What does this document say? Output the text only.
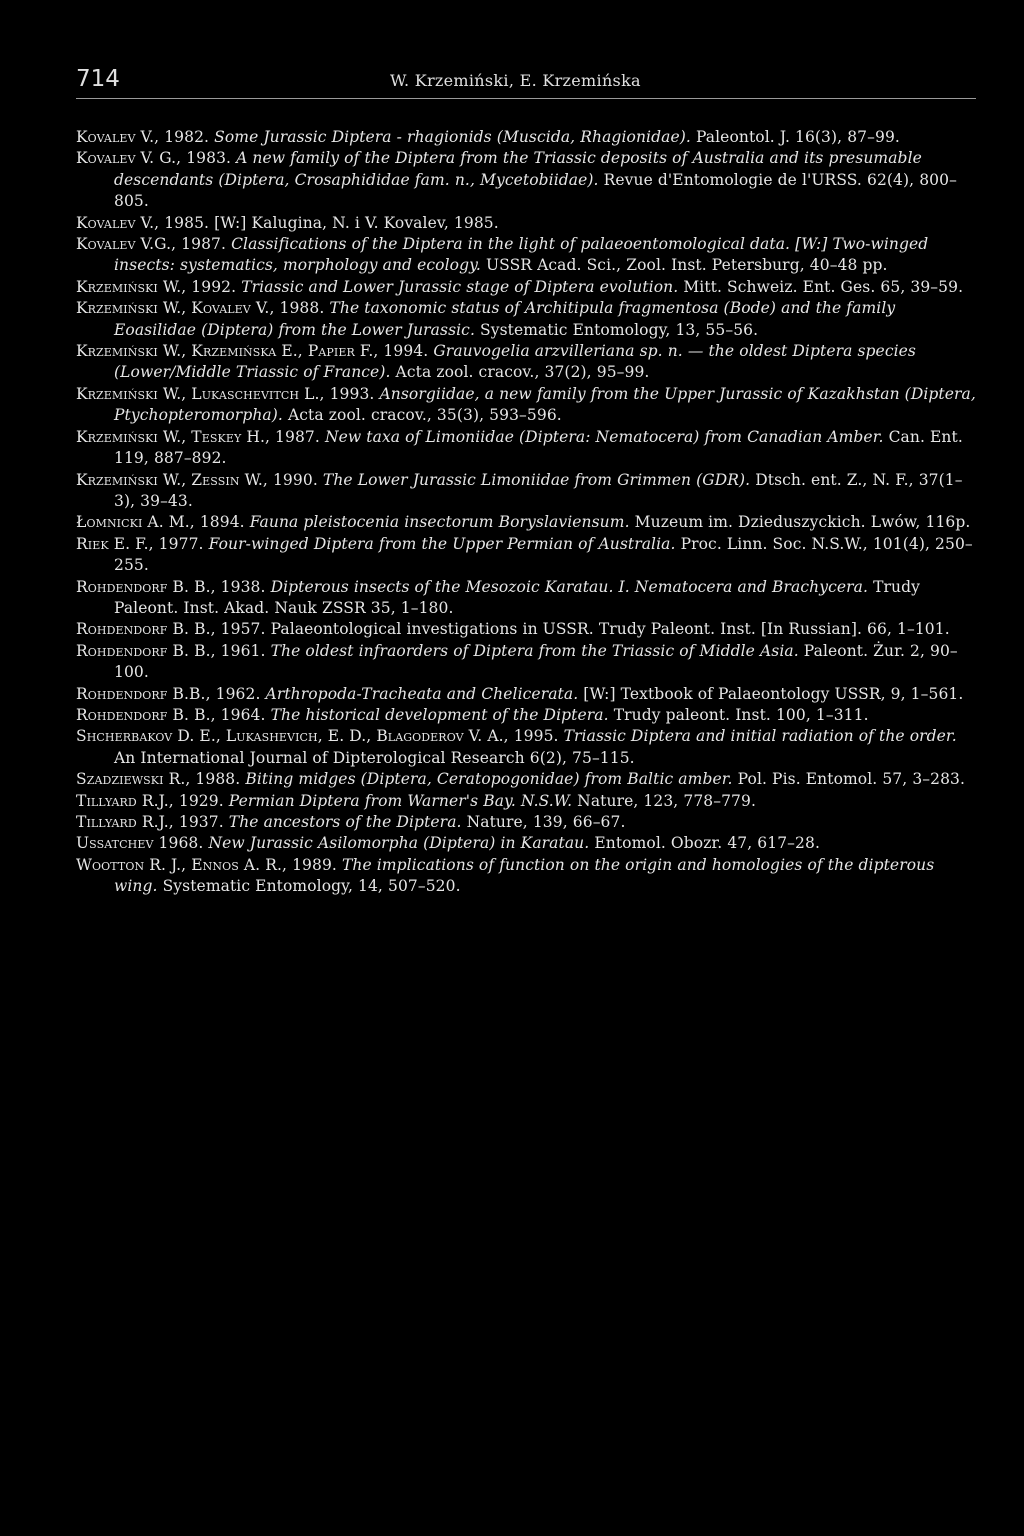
714	W. Krzemiński, E. Krzemińska
Kovalev V., 1982. Some Jurassic Diptera - rhagionids (Muscida, Rhagionidae). Paleontol. J. 16(3), 87–99.
Kovalev V. G., 1983. A new family of the Diptera from the Triassic deposits of Australia and its presumable descendants (Diptera, Crosaphididae fam. n., Mycetobiidae). Revue d'Entomologie de l'URSS. 62(4), 800–805.
Kovalev V., 1985. [W:] Kalugina, N. i V. Kovalev, 1985.
Kovalev V.G., 1987. Classifications of the Diptera in the light of palaeoentomological data. [W:] Two-winged insects: systematics, morphology and ecology. USSR Acad. Sci., Zool. Inst. Petersburg, 40–48 pp.
Krzemiński W., 1992. Triassic and Lower Jurassic stage of Diptera evolution. Mitt. Schweiz. Ent. Ges. 65, 39–59.
Krzemiński W., Kovalev V., 1988. The taxonomic status of Architipula fragmentosa (Bode) and the family Eoasilidae (Diptera) from the Lower Jurassic. Systematic Entomology, 13, 55–56.
Krzemiński W., Krzemińska E., Papier F., 1994. Grauvogelia arzvilleriana sp. n. — the oldest Diptera species (Lower/Middle Triassic of France). Acta zool. cracov., 37(2), 95–99.
Krzemiński W., Lukaschevitch L., 1993. Ansorgiidae, a new family from the Upper Jurassic of Kazakhstan (Diptera, Ptychopteromorpha). Acta zool. cracov., 35(3), 593–596.
Krzemiński W., Teskey H., 1987. New taxa of Limoniidae (Diptera: Nematocera) from Canadian Amber. Can. Ent. 119, 887–892.
Krzemiński W., Zessin W., 1990. The Lower Jurassic Limoniidae from Grimmen (GDR). Dtsch. ent. Z., N. F., 37(1–3), 39–43.
Łomnicki A. M., 1894. Fauna pleistocenia insectorum Boryslaviensum. Muzeum im. Dzieduszyckich. Lwów, 116p.
Riek E. F., 1977. Four-winged Diptera from the Upper Permian of Australia. Proc. Linn. Soc. N.S.W., 101(4), 250–255.
Rohdendorf B. B., 1938. Dipterous insects of the Mesozoic Karatau. I. Nematocera and Brachycera. Trudy Paleont. Inst. Akad. Nauk ZSSR 35, 1–180.
Rohdendorf B. B., 1957. Palaeontological investigations in USSR. Trudy Paleont. Inst. [In Russian]. 66, 1–101.
Rohdendorf B. B., 1961. The oldest infraorders of Diptera from the Triassic of Middle Asia. Paleont. Żur. 2, 90–100.
Rohdendorf B.B., 1962. Arthropoda-Tracheata and Chelicerata. [W:] Textbook of Palaeontology USSR, 9, 1–561.
Rohdendorf B. B., 1964. The historical development of the Diptera. Trudy paleont. Inst. 100, 1–311.
Shcherbakov D. E., Lukashevich, E. D., Blagoderov V. A., 1995. Triassic Diptera and initial radiation of the order. An International Journal of Dipterological Research 6(2), 75–115.
Szadziewski R., 1988. Biting midges (Diptera, Ceratopogonidae) from Baltic amber. Pol. Pis. Entomol. 57, 3–283.
Tillyard R.J., 1929. Permian Diptera from Warner's Bay. N.S.W. Nature, 123, 778–779.
Tillyard R.J., 1937. The ancestors of the Diptera. Nature, 139, 66–67.
Ussatchev 1968. New Jurassic Asilomorpha (Diptera) in Karatau. Entomol. Obozr. 47, 617–28.
Wootton R. J., Ennos A. R., 1989. The implications of function on the origin and homologies of the dipterous wing. Systematic Entomology, 14, 507–520.
